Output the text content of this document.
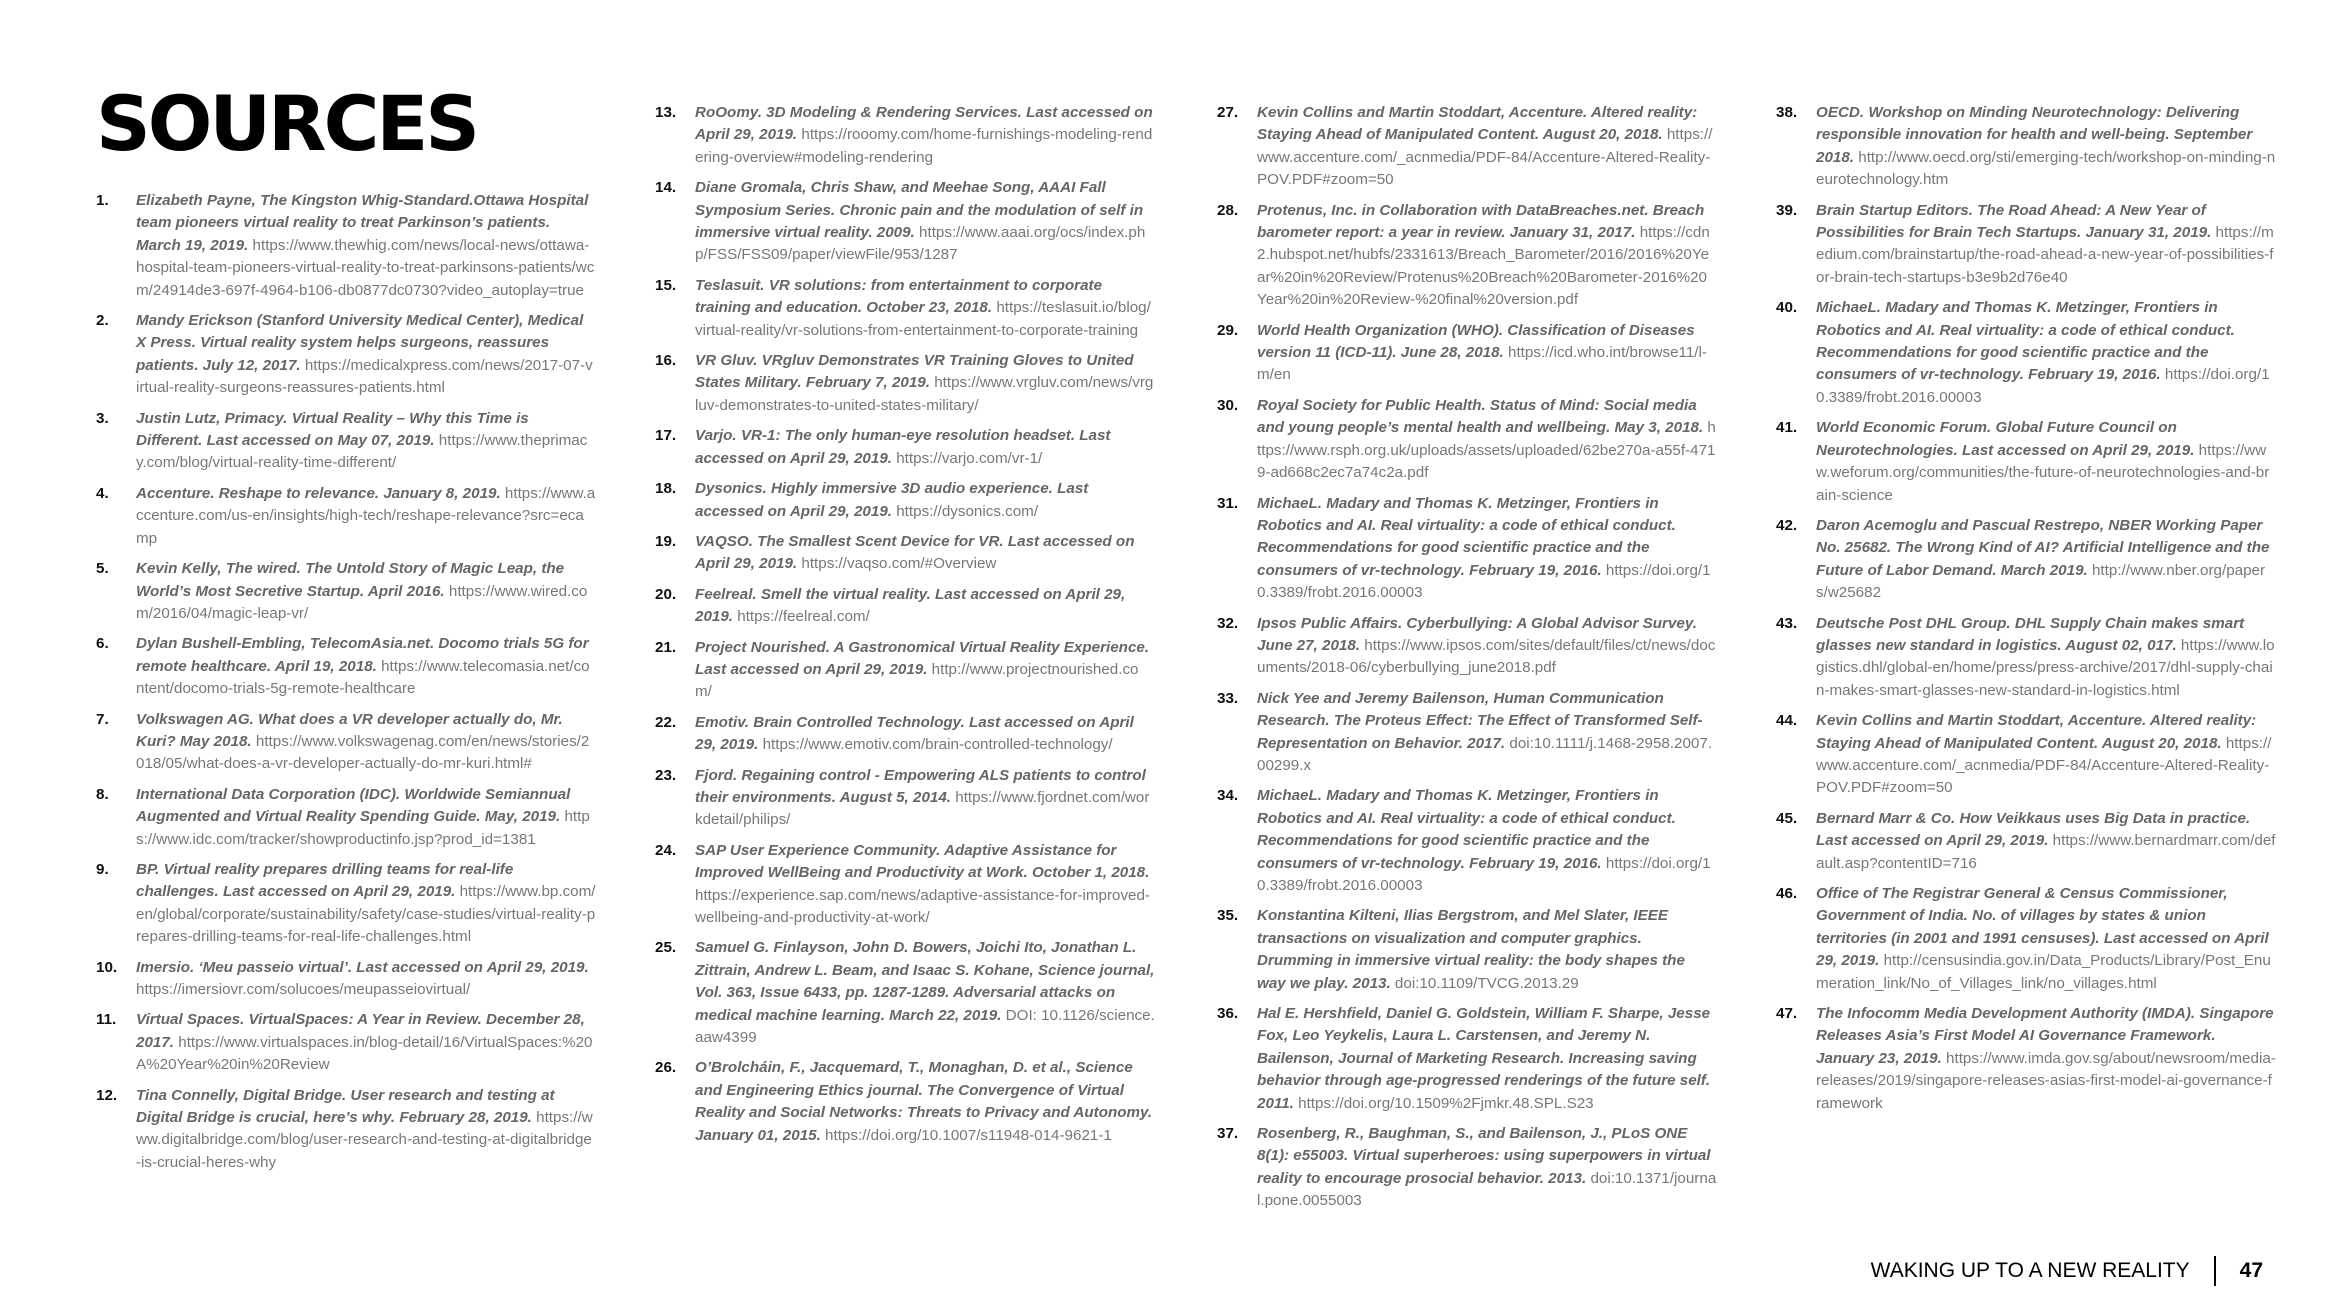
SOURCES
1. Elizabeth Payne, The Kingston Whig-Standard.Ottawa Hospital team pioneers virtual reality to treat Parkinson’s patients. March 19, 2019. https://www.thewhig.com/news/local-news/ottawa-hospital-team-pioneers-virtual-reality-to-treat-parkinsons-patients/wcm/24914de3-697f-4964-b106-db0877dc0730?video_autoplay=true
2. Mandy Erickson (Stanford University Medical Center), Medical X Press. Virtual reality system helps surgeons, reassures patients. July 12, 2017. https://medicalxpress.com/news/2017-07-virtual-reality-surgeons-reassures-patients.html
3. Justin Lutz, Primacy. Virtual Reality – Why this Time is Different. Last accessed on May 07, 2019. https://www.theprimacy.com/blog/virtual-reality-time-different/
4. Accenture. Reshape to relevance. January 8, 2019. https://www.accenture.com/us-en/insights/high-tech/reshape-relevance?src=ecamp
5. Kevin Kelly, The wired. The Untold Story of Magic Leap, the World’s Most Secretive Startup. April 2016. https://www.wired.com/2016/04/magic-leap-vr/
6. Dylan Bushell-Embling, TelecomAsia.net. Docomo trials 5G for remote healthcare. April 19, 2018. https://www.telecomasia.net/content/docomo-trials-5g-remote-healthcare
7. Volkswagen AG. What does a VR developer actually do, Mr. Kuri? May 2018. https://www.volkswagenag.com/en/news/stories/2018/05/what-does-a-vr-developer-actually-do-mr-kuri.html#
8. International Data Corporation (IDC). Worldwide Semiannual Augmented and Virtual Reality Spending Guide. May, 2019. https://www.idc.com/tracker/showproductinfo.jsp?prod_id=1381
9. BP. Virtual reality prepares drilling teams for real-life challenges. Last accessed on April 29, 2019. https://www.bp.com/en/global/corporate/sustainability/safety/case-studies/virtual-reality-prepares-drilling-teams-for-real-life-challenges.html
10. Imersio. ‘Meu passeio virtual’. Last accessed on April 29, 2019. https://imersiovr.com/solucoes/meupasseiovirtual/
11. Virtual Spaces. VirtualSpaces: A Year in Review. December 28, 2017. https://www.virtualspaces.in/blog-detail/16/VirtualSpaces:%20A%20Year%20in%20Review
12. Tina Connelly, Digital Bridge. User research and testing at Digital Bridge is crucial, here’s why. February 28, 2019. https://www.digitalbridge.com/blog/user-research-and-testing-at-digitalbridge-is-crucial-heres-why
13. RoOomy. 3D Modeling & Rendering Services. Last accessed on April 29, 2019. https://rooomy.com/home-furnishings-modeling-rendering-overview#modeling-rendering
14. Diane Gromala, Chris Shaw, and Meehae Song, AAAI Fall Symposium Series. Chronic pain and the modulation of self in immersive virtual reality. 2009. https://www.aaai.org/ocs/index.php/FSS/FSS09/paper/viewFile/953/1287
15. Teslasuit. VR solutions: from entertainment to corporate training and education. October 23, 2018. https://teslasuit.io/blog/virtual-reality/vr-solutions-from-entertainment-to-corporate-training
16. VR Gluv. VRgluv Demonstrates VR Training Gloves to United States Military. February 7, 2019. https://www.vrgluv.com/news/vrgluv-demonstrates-to-united-states-military/
17. Varjo. VR-1: The only human-eye resolution headset. Last accessed on April 29, 2019. https://varjo.com/vr-1/
18. Dysonics. Highly immersive 3D audio experience. Last accessed on April 29, 2019. https://dysonics.com/
19. VAQSO. The Smallest Scent Device for VR. Last accessed on April 29, 2019. https://vaqso.com/#Overview
20. Feelreal. Smell the virtual reality. Last accessed on April 29, 2019. https://feelreal.com/
21. Project Nourished. A Gastronomical Virtual Reality Experience. Last accessed on April 29, 2019. http://www.projectnourished.com/
22. Emotiv. Brain Controlled Technology. Last accessed on April 29, 2019. https://www.emotiv.com/brain-controlled-technology/
23. Fjord. Regaining control - Empowering ALS patients to control their environments. August 5, 2014. https://www.fjordnet.com/workdetail/philips/
24. SAP User Experience Community. Adaptive Assistance for Improved WellBeing and Productivity at Work. October 1, 2018. https://experience.sap.com/news/adaptive-assistance-for-improved-wellbeing-and-productivity-at-work/
25. Samuel G. Finlayson, John D. Bowers, Joichi Ito, Jonathan L. Zittrain, Andrew L. Beam, and Isaac S. Kohane, Science journal, Vol. 363, Issue 6433, pp. 1287-1289. Adversarial attacks on medical machine learning. March 22, 2019. DOI: 10.1126/science.aaw4399
26. O’Brolcháin, F., Jacquemard, T., Monaghan, D. et al., Science and Engineering Ethics journal. The Convergence of Virtual Reality and Social Networks: Threats to Privacy and Autonomy. January 01, 2015. https://doi.org/10.1007/s11948-014-9621-1
27. Kevin Collins and Martin Stoddart, Accenture. Altered reality: Staying Ahead of Manipulated Content. August 20, 2018. https://www.accenture.com/_acnmedia/PDF-84/Accenture-Altered-Reality-POV.PDF#zoom=50
28. Protenus, Inc. in Collaboration with DataBreaches.net. Breach barometer report: a year in review. January 31, 2017. https://cdn2.hubspot.net/hubfs/2331613/Breach_Barometer/2016/2016%20Year%20in%20Review/Protenus%20Breach%20Barometer-2016%20Year%20in%20Review-%20final%20version.pdf
29. World Health Organization (WHO). Classification of Diseases version 11 (ICD-11). June 28, 2018. https://icd.who.int/browse11/l-m/en
30. Royal Society for Public Health. Status of Mind: Social media and young people’s mental health and wellbeing. May 3, 2018. https://www.rsph.org.uk/uploads/assets/uploaded/62be270a-a55f-4719-ad668c2ec7a74c2a.pdf
31. MichaeL. Madary and Thomas K. Metzinger, Frontiers in Robotics and AI. Real virtuality: a code of ethical conduct. Recommendations for good scientific practice and the consumers of vr-technology. February 19, 2016. https://doi.org/10.3389/frobt.2016.00003
32. Ipsos Public Affairs. Cyberbullying: A Global Advisor Survey. June 27, 2018. https://www.ipsos.com/sites/default/files/ct/news/documents/2018-06/cyberbullying_june2018.pdf
33. Nick Yee and Jeremy Bailenson, Human Communication Research. The Proteus Effect: The Effect of Transformed Self-Representation on Behavior. 2017. doi:10.1111/j.1468-2958.2007.00299.x
34. MichaeL. Madary and Thomas K. Metzinger, Frontiers in Robotics and AI. Real virtuality: a code of ethical conduct. Recommendations for good scientific practice and the consumers of vr-technology. February 19, 2016. https://doi.org/10.3389/frobt.2016.00003
35. Konstantina Kilteni, Ilias Bergstrom, and Mel Slater, IEEE transactions on visualization and computer graphics. Drumming in immersive virtual reality: the body shapes the way we play. 2013. doi:10.1109/TVCG.2013.29
36. Hal E. Hershfield, Daniel G. Goldstein, William F. Sharpe, Jesse Fox, Leo Yeykelis, Laura L. Carstensen, and Jeremy N. Bailenson, Journal of Marketing Research. Increasing saving behavior through age-progressed renderings of the future self. 2011. https://doi.org/10.1509%2Fjmkr.48.SPL.S23
37. Rosenberg, R., Baughman, S., and Bailenson, J., PLoS ONE 8(1): e55003. Virtual superheroes: using superpowers in virtual reality to encourage prosocial behavior. 2013. doi:10.1371/journal.pone.0055003
38. OECD. Workshop on Minding Neurotechnology: Delivering responsible innovation for health and well-being. September 2018. http://www.oecd.org/sti/emerging-tech/workshop-on-minding-neurotechnology.htm
39. Brain Startup Editors. The Road Ahead: A New Year of Possibilities for Brain Tech Startups. January 31, 2019. https://medium.com/brainstartup/the-road-ahead-a-new-year-of-possibilities-for-brain-tech-startups-b3e9b2d76e40
40. MichaeL. Madary and Thomas K. Metzinger, Frontiers in Robotics and AI. Real virtuality: a code of ethical conduct. Recommendations for good scientific practice and the consumers of vr-technology. February 19, 2016. https://doi.org/10.3389/frobt.2016.00003
41. World Economic Forum. Global Future Council on Neurotechnologies. Last accessed on April 29, 2019. https://www.weforum.org/communities/the-future-of-neurotechnologies-and-brain-science
42. Daron Acemoglu and Pascual Restrepo, NBER Working Paper No. 25682. The Wrong Kind of AI? Artificial Intelligence and the Future of Labor Demand. March 2019. http://www.nber.org/papers/w25682
43. Deutsche Post DHL Group. DHL Supply Chain makes smart glasses new standard in logistics. August 02, 017. https://www.logistics.dhl/global-en/home/press/press-archive/2017/dhl-supply-chain-makes-smart-glasses-new-standard-in-logistics.html
44. Kevin Collins and Martin Stoddart, Accenture. Altered reality: Staying Ahead of Manipulated Content. August 20, 2018. https://www.accenture.com/_acnmedia/PDF-84/Accenture-Altered-Reality-POV.PDF#zoom=50
45. Bernard Marr & Co. How Veikkaus uses Big Data in practice. Last accessed on April 29, 2019. https://www.bernardmarr.com/default.asp?contentID=716
46. Office of The Registrar General & Census Commissioner, Government of India. No. of villages by states & union territories (in 2001 and 1991 censuses). Last accessed on April 29, 2019. http://censusindia.gov.in/Data_Products/Library/Post_Enumeration_link/No_of_Villages_link/no_villages.html
47. The Infocomm Media Development Authority (IMDA). Singapore Releases Asia’s First Model AI Governance Framework. January 23, 2019. https://www.imda.gov.sg/about/newsroom/media-releases/2019/singapore-releases-asias-first-model-ai-governance-framework
WAKING UP TO A NEW REALITY 47
